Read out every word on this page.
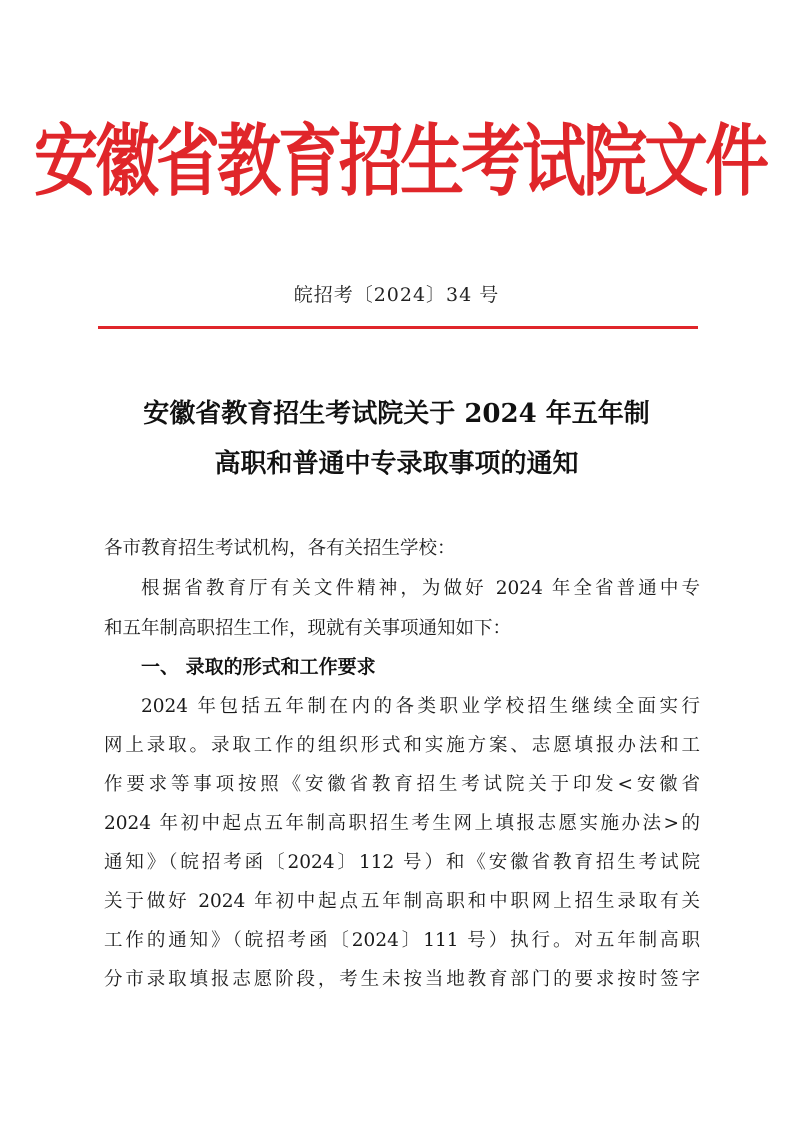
安徽省教育招生考试院文件
皖招考〔2024〕34 号
安徽省教育招生考试院关于 2024 年五年制
高职和普通中专录取事项的通知
各市教育招生考试机构，各有关招生学校：
根据省教育厅有关文件精神，为做好 2024 年全省普通中专
和五年制高职招生工作，现就有关事项通知如下：
一、 录取的形式和工作要求
2024 年包括五年制在内的各类职业学校招生继续全面实行
网上录取。录取工作的组织形式和实施方案、志愿填报办法和工
作要求等事项按照《安徽省教育招生考试院关于印发<安徽省
2024 年初中起点五年制高职招生考生网上填报志愿实施办法>的
通知》（皖招考函〔2024〕112 号）和《安徽省教育招生考试院
关于做好 2024 年初中起点五年制高职和中职网上招生录取有关
工作的通知》（皖招考函〔2024〕111 号）执行。对五年制高职
分市录取填报志愿阶段，考生未按当地教育部门的要求按时签字
